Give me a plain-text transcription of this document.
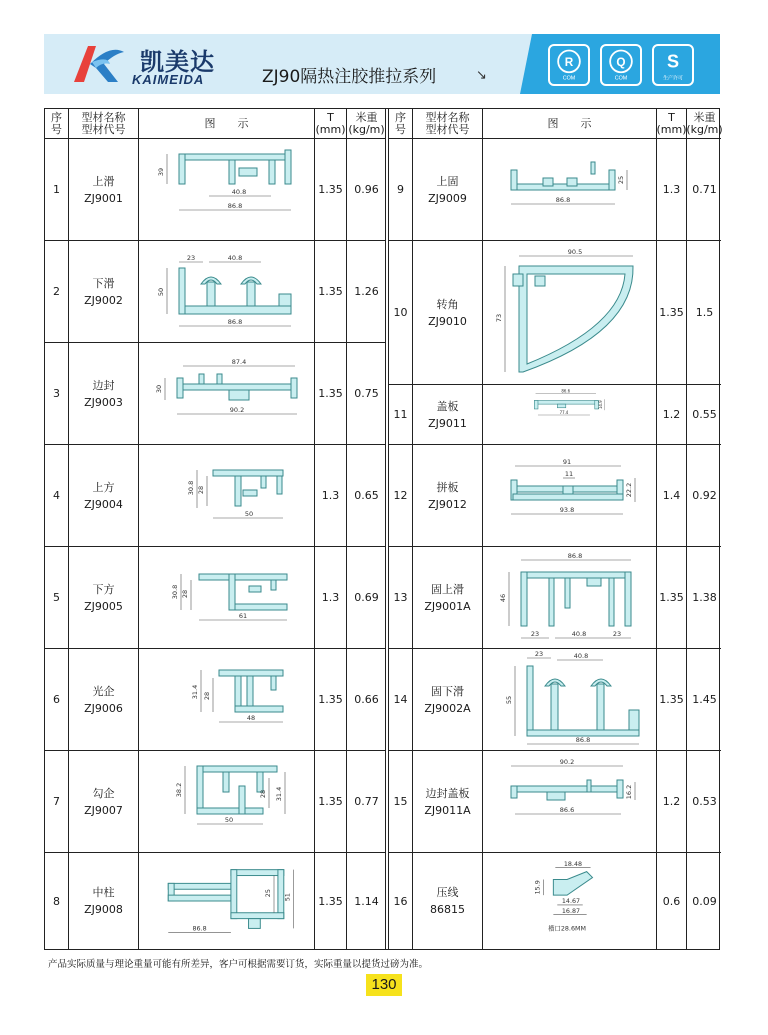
凯美达
KAIMEIDA	ZJ90隔热注胶推拉系列	↘
R
COM
Q
COM
S
生产许可
序
号
型材名称
型材代号	图　　示	T
(mm)
米重
(kg/m)
1
上滑
ZJ9001
39
40.8
86.8
1.35	0.96
2
下滑
ZJ9002
23	40.8
50
86.8
1.35	1.26
3
边封
ZJ9003
87.4
30
90.2
1.35	0.75
4
上方
ZJ9004
30.8 28
50
1.3	0.65
5
下方
ZJ9005
30.8 28
61
1.3	0.69
6
光企
ZJ9006
31.4 28
48
1.35	0.66
7
勾企
ZJ9007
38.2	28 31.4
50
1.35	0.77
8
中柱
ZJ9008
25 51
86.8
1.35	1.14
序
号
型材名称
型材代号	图　　示	T
(mm)
米重
(kg/m)
9
上固
ZJ9009
25
86.8
1.3	0.71
10
转角
ZJ9010
90.5
73	1.35	1.5
11
盖板
ZJ9011
86.6
14.9
77.4	1.2	0.55
12
拼板
ZJ9012
91
11
22.2
93.8
1.4	0.92
13
固上滑
ZJ9001A
86.8
46
23	40.8	23
1.35 1.38
14
固下滑
ZJ9002A
23	40.8
55
86.8
1.35 1.45
15
边封盖板
ZJ9011A
90.2
16.2
86.6
1.2	0.53
16
压线
86815
18.48
15.9
14.67
16.87
槽口28.6MM
0.6	0.09
产品实际质量与理论重量可能有所差异，客户可根据需要订货，实际重量以提货过磅为准。
130
